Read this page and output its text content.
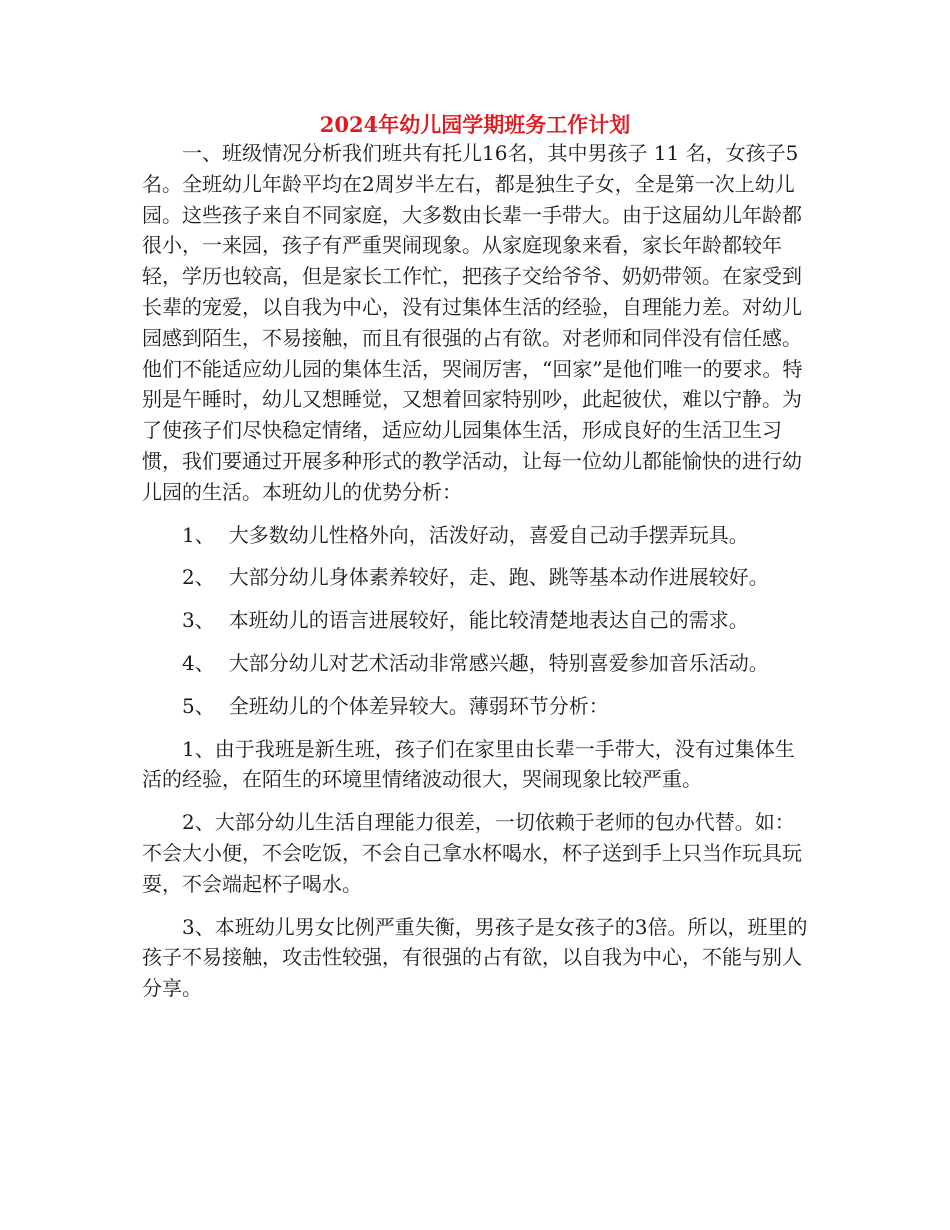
2024年幼儿园学期班务工作计划

一、班级情况分析我们班共有托儿16名，其中男孩子 11 名，女孩子5名。全班幼儿年龄平均在2周岁半左右，都是独生子女，全是第一次上幼儿园。这些孩子来自不同家庭，大多数由长辈一手带大。由于这届幼儿年龄都很小，一来园，孩子有严重哭闹现象。从家庭现象来看，家长年龄都较年轻，学历也较高，但是家长工作忙，把孩子交给爷爷、奶奶带领。在家受到长辈的宠爱，以自我为中心，没有过集体生活的经验，自理能力差。对幼儿园感到陌生，不易接触，而且有很强的占有欲。对老师和同伴没有信任感。他们不能适应幼儿园的集体生活，哭闹厉害，“回家”是他们唯一的要求。特别是午睡时，幼儿又想睡觉，又想着回家特别吵，此起彼伏，难以宁静。为了使孩子们尽快稳定情绪，适应幼儿园集体生活，形成良好的生活卫生习惯，我们要通过开展多种形式的教学活动，让每一位幼儿都能愉快的进行幼儿园的生活。本班幼儿的优势分析：

1、 大多数幼儿性格外向，活泼好动，喜爱自己动手摆弄玩具。

2、 大部分幼儿身体素养较好，走、跑、跳等基本动作进展较好。

3、 本班幼儿的语言进展较好，能比较清楚地表达自己的需求。

4、 大部分幼儿对艺术活动非常感兴趣，特别喜爱参加音乐活动。

5、 全班幼儿的个体差异较大。薄弱环节分析：

1、由于我班是新生班，孩子们在家里由长辈一手带大，没有过集体生活的经验，在陌生的环境里情绪波动很大，哭闹现象比较严重。

2、大部分幼儿生活自理能力很差，一切依赖于老师的包办代替。如：不会大小便，不会吃饭，不会自己拿水杯喝水，杯子送到手上只当作玩具玩耍，不会端起杯子喝水。

3、本班幼儿男女比例严重失衡，男孩子是女孩子的3倍。所以，班里的孩子不易接触，攻击性较强，有很强的占有欲，以自我为中心，不能与别人分享。
